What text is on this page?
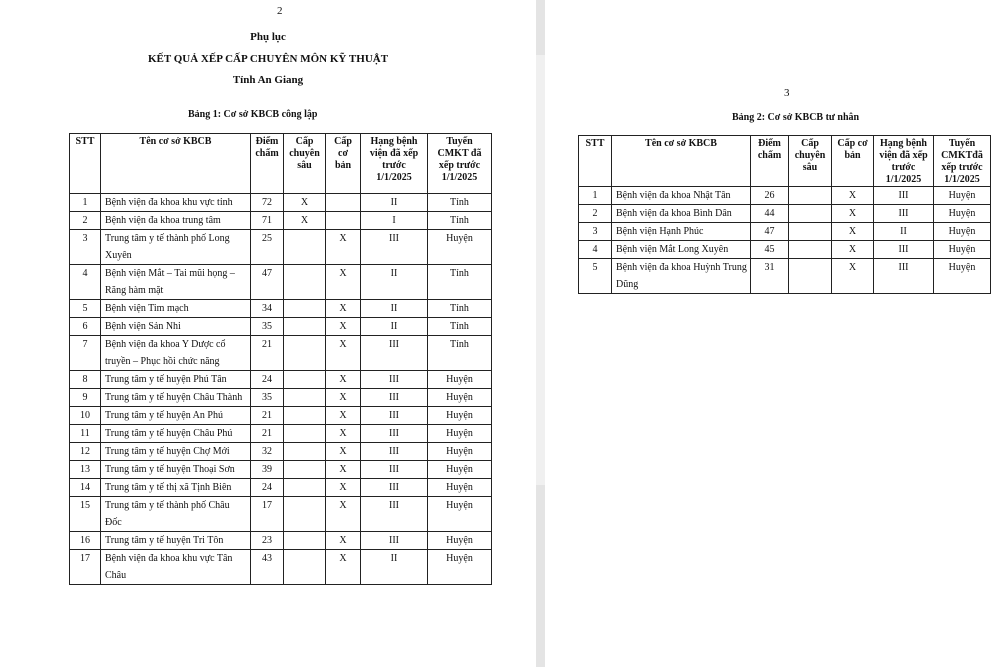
2
Phụ lục
KẾT QUẢ XẾP CẤP CHUYÊN MÔN KỸ THUẬT
Tỉnh An Giang
Bảng 1: Cơ sở KBCB công lập
STT	Tên cơ sở KBCB	Điểm chấm	Cấp chuyên sâu	Cấp cơ bản	Hạng bệnh viện đã xếp trước 1/1/2025	Tuyến CMKT đã xếp trước 1/1/2025
1	Bệnh viện đa khoa khu vực tỉnh	72	X		II	Tỉnh
2	Bệnh viện đa khoa trung tâm	71	X		I	Tỉnh
3	Trung tâm y tế thành phố Long Xuyên	25		X	III	Huyện
4	Bệnh viện Mắt – Tai mũi họng – Răng hàm mặt	47		X	II	Tỉnh
5	Bệnh viện Tim mạch	34		X	II	Tỉnh
6	Bệnh viện Sản Nhi	35		X	II	Tỉnh
7	Bệnh viện đa khoa Y Dược cổ truyền – Phục hồi chức năng	21		X	III	Tỉnh
8	Trung tâm y tế huyện Phú Tân	24		X	III	Huyện
9	Trung tâm y tế huyện Châu Thành	35		X	III	Huyện
10	Trung tâm y tế huyện An Phú	21		X	III	Huyện
11	Trung tâm y tế huyện Châu Phú	21		X	III	Huyện
12	Trung tâm y tế huyện Chợ Mới	32		X	III	Huyện
13	Trung tâm y tế huyện Thoại Sơn	39		X	III	Huyện
14	Trung tâm y tế thị xã Tịnh Biên	24		X	III	Huyện
15	Trung tâm y tế thành phố Châu Đốc	17		X	III	Huyện
16	Trung tâm y tế huyện Tri Tôn	23		X	III	Huyện
17	Bệnh viện đa khoa khu vực Tân Châu	43		X	II	Huyện
3
Bảng 2: Cơ sở KBCB tư nhân
STT	Tên cơ sở KBCB	Điểm chấm	Cấp chuyên sâu	Cấp cơ bản	Hạng bệnh viện đã xếp trước 1/1/2025	Tuyến CMKTđã xếp trước 1/1/2025
1	Bệnh viện đa khoa Nhật Tân	26		X	III	Huyện
2	Bệnh viện đa khoa Bình Dân	44		X	III	Huyện
3	Bệnh viện Hạnh Phúc	47		X	II	Huyện
4	Bệnh viện Mắt Long Xuyên	45		X	III	Huyện
5	Bệnh viện đa khoa Huỳnh Trung Dũng	31		X	III	Huyện
